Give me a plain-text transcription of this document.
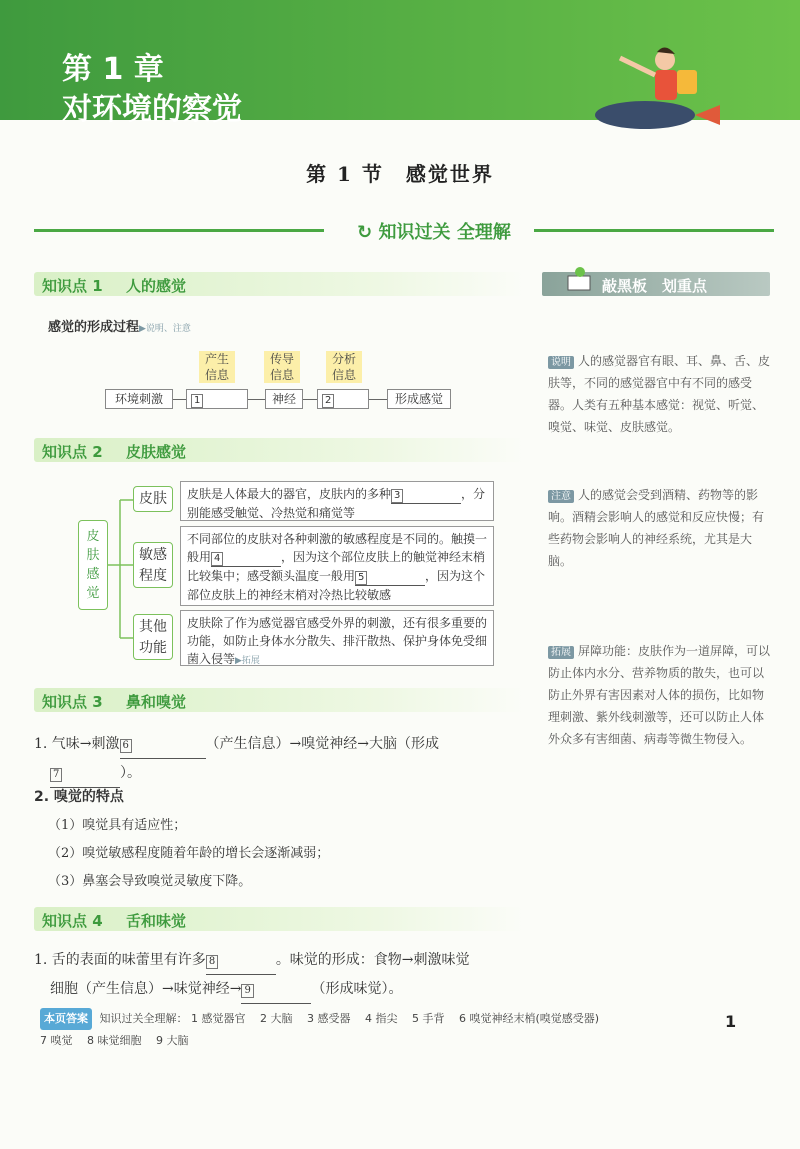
第 1 章
对环境的察觉
第 1 节　感觉世界
↻ 知识过关 全理解
知识点 1 人的感觉
感觉的形成过程▶说明、注意
产生
信息
传导
信息
分析
信息
环境刺激	1	神经	2	形成感觉
知识点 2 皮肤感觉
皮
肤
感
觉
皮肤
敏感
程度
其他
功能
皮肤是人体最大的器官，皮肤内的多种 3	，分别能感受触觉、冷热觉和痛觉等
不同部位的皮肤对各种刺激的敏感程度是不同的。触摸一般用 4	，因为这个部位皮肤上的触觉神经末梢比较集中；感受额头温度一般用 5	，因为这个部位皮肤上的神经末梢对冷热比较敏感
皮肤除了作为感觉器官感受外界的刺激，还有很多重要的功能，如防止身体水分散失、排汗散热、保护身体免受细菌入侵等▶拓展
知识点 3 鼻和嗅觉
1. 气味→刺激 6	（产生信息）→嗅觉神经→大脑（形成
7	）。
2. 嗅觉的特点
（1）嗅觉具有适应性；
（2）嗅觉敏感程度随着年龄的增长会逐渐减弱；
（3）鼻塞会导致嗅觉灵敏度下降。
知识点 4 舌和味觉
1. 舌的表面的味蕾里有许多 8	。味觉的形成：食物→刺激味觉
细胞（产生信息）→味觉神经→ 9	（形成味觉）。
敲黑板　划重点
说明 人的感觉器官有眼、耳、鼻、舌、皮肤等，不同的感觉器官中有不同的感受器。人类有五种基本感觉：视觉、听觉、嗅觉、味觉、皮肤感觉。
注意 人的感觉会受到酒精、药物等的影响。酒精会影响人的感觉和反应快慢；有些药物会影响人的神经系统，尤其是大脑。
拓展 屏障功能：皮肤作为一道屏障，可以防止体内水分、营养物质的散失，也可以防止外界有害因素对人体的损伤，比如物理刺激、紫外线刺激等，还可以防止人体外众多有害细菌、病毒等微生物侵入。
本页答案 知识过关全理解： 1 感觉器官　 2 大脑　 3 感受器　 4 指尖　 5 手背　 6 嗅觉神经末梢(嗅觉感受器)
7 嗅觉　 8 味觉细胞　 9 大脑
1
